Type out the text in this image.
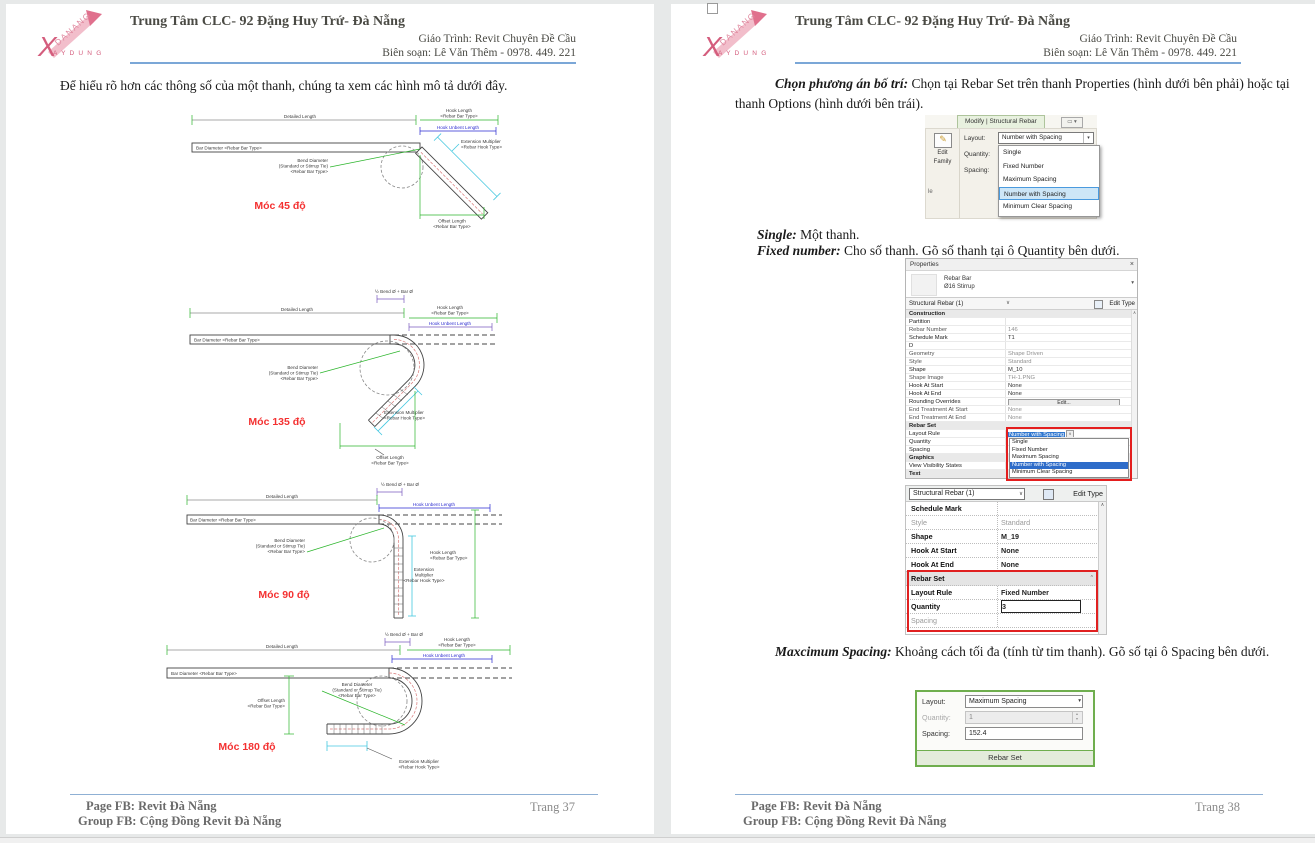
DANANG
X
A Y D U N G
Trung Tâm CLC- 92 Đặng Huy Trứ- Đà Nẵng
Giáo Trình: Revit Chuyên Đề Cầu
Biên soạn: Lê Văn Thêm - 0978. 449. 221
Để hiểu rõ hơn các thông số của một thanh, chúng ta xem các hình mô tả dưới đây.
Detailed Length
Hook Length
<Rebar Bar Type>
Hook Unbent Length
Bar Diameter <Rebar Bar Type>
Bend Diameter
(Standard or Stirrup Tie)
<Rebar Bar Type>
Extension Multiplier
<Rebar Hook Type>
Offset Length
<Rebar Bar Type>
Móc 45 độ
½ Bend Ø + Bar Ø
Detailed Length	Hook Length
<Rebar Bar Type>
Hook Unbent Length
Bar Diameter <Rebar Bar Type>
Bend Diameter
(Standard or Stirrup Tie)
<Rebar Bar Type>
Extension Multiplier
<Rebar Hook Type>
Móc 135 độ
Offset Length
<Rebar Bar Type>
½ Bend Ø + Bar Ø
Detailed Length
Hook Unbent Length
Bar Diameter <Rebar Bar Type>
Bend Diameter
(Standard or Stirrup Tie)
<Rebar Bar Type>	Hook Length
<Rebar Bar Type>
Extension
Multiplier
<Rebar Hook Type>
Móc 90 độ
½ Bend Ø + Bar Ø
Detailed Length
Hook Length
<Rebar Bar Type>
Hook Unbent Length
Bar Diameter <Rebar Bar Type>
Bend Diameter
(Standard or Stirrup Tie)
<Rebar Bar Type>
Offset Length
<Rebar Bar Type>
Móc 180 độ
Extension Multiplier
<Rebar Hook Type>
Page FB: Revit Đà Nẵng
Group FB: Cộng Đồng Revit Đà Nẵng
Trang 37
DANANG
X
A Y D U N G
Trung Tâm CLC- 92 Đặng Huy Trứ- Đà Nẵng
Giáo Trình: Revit Chuyên Đề Cầu
Biên soạn: Lê Văn Thêm - 0978. 449. 221
Chọn phương án bố trí: Chọn tại Rebar Set trên thanh Properties (hình dưới bên phải) hoặc tại thanh Options (hình dưới bên trái).
Modify | Structural Rebar	▭ ▾
✎
Edit
Family
le
Layout:
Quantity:
Spacing:
Number with Spacing	▾
Single
Fixed Number
Maximum Spacing
Number with Spacing
Minimum Clear Spacing
Single: Một thanh.
Fixed number: Cho số thanh. Gõ số thanh tại ô Quantity bên dưới.
Properties	×
Rebar Bar
Ø16 Stirrup
▾
Structural Rebar (1)	∨	Edit Type
Construction
Partition
Rebar Number	146
Schedule Mark	T1
D
Geometry	Shape Driven
Style	Standard
Shape	M_10
Shape Image	TH-1.PNG
Hook At Start	None
Hook At End	None
Rounding Overrides	Edit...
End Treatment At Start	None
End Treatment At End	None
Rebar Set
Layout Rule	Number with Spacing ∨
Quantity
Spacing
Graphics
View Visibility States
Text
∧
Single
Fixed Number
Maximum Spacing
Number with Spacing
Minimum Clear Spacing
Structural Rebar (1)	∨	Edit Type
Schedule Mark
Style	Standard
Shape	M_19
Hook At Start	None
Hook At End	None
Rebar Set	ˆ
Layout Rule	Fixed Number
Quantity	3
Spacing
∧
Maxcimum Spacing: Khoảng cách tối đa (tính từ tim thanh). Gõ số tại ô Spacing bên dưới.
Layout:	Maximum Spacing	▾
Quantity:	1	▲
▼
Spacing:	152.4
Rebar Set
Page FB: Revit Đà Nẵng
Group FB: Cộng Đồng Revit Đà Nẵng
Trang 38
